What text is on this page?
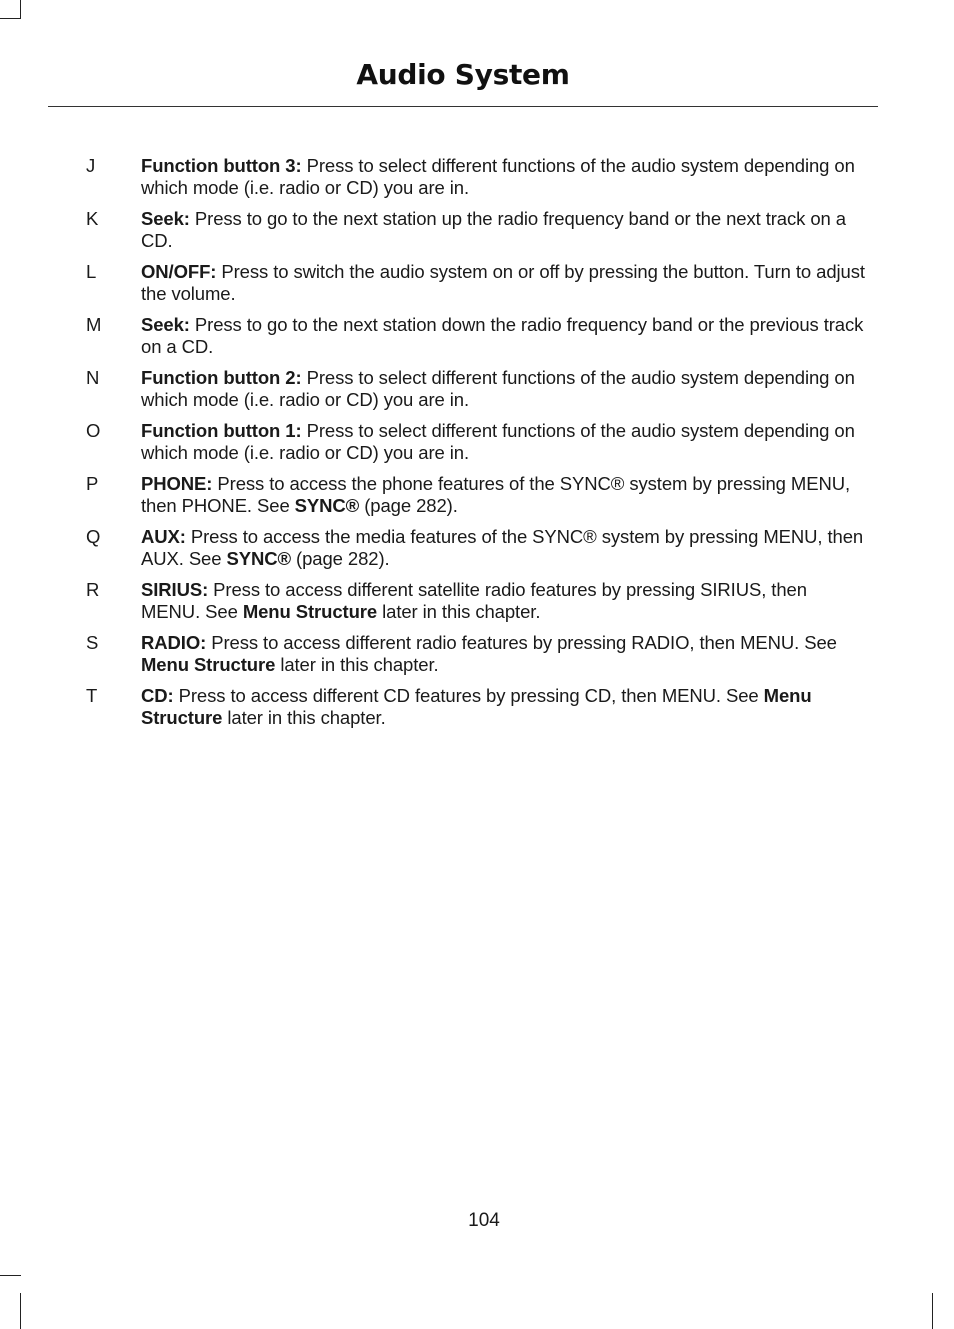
Audio System
J	Function button 3: Press to select different functions of the audio system depending on which mode (i.e. radio or CD) you are in.
K	Seek: Press to go to the next station up the radio frequency band or the next track on a CD.
L	ON/OFF: Press to switch the audio system on or off by pressing the button. Turn to adjust the volume.
M	Seek: Press to go to the next station down the radio frequency band or the previous track on a CD.
N	Function button 2: Press to select different functions of the audio system depending on which mode (i.e. radio or CD) you are in.
O	Function button 1: Press to select different functions of the audio system depending on which mode (i.e. radio or CD) you are in.
P	PHONE: Press to access the phone features of the SYNC® system by pressing MENU, then PHONE. See SYNC® (page 282).
Q	AUX: Press to access the media features of the SYNC® system by pressing MENU, then AUX. See SYNC® (page 282).
R	SIRIUS: Press to access different satellite radio features by pressing SIRIUS, then MENU. See Menu Structure later in this chapter.
S	RADIO: Press to access different radio features by pressing RADIO, then MENU. See Menu Structure later in this chapter.
T	CD: Press to access different CD features by pressing CD, then MENU. See Menu Structure later in this chapter.
104
